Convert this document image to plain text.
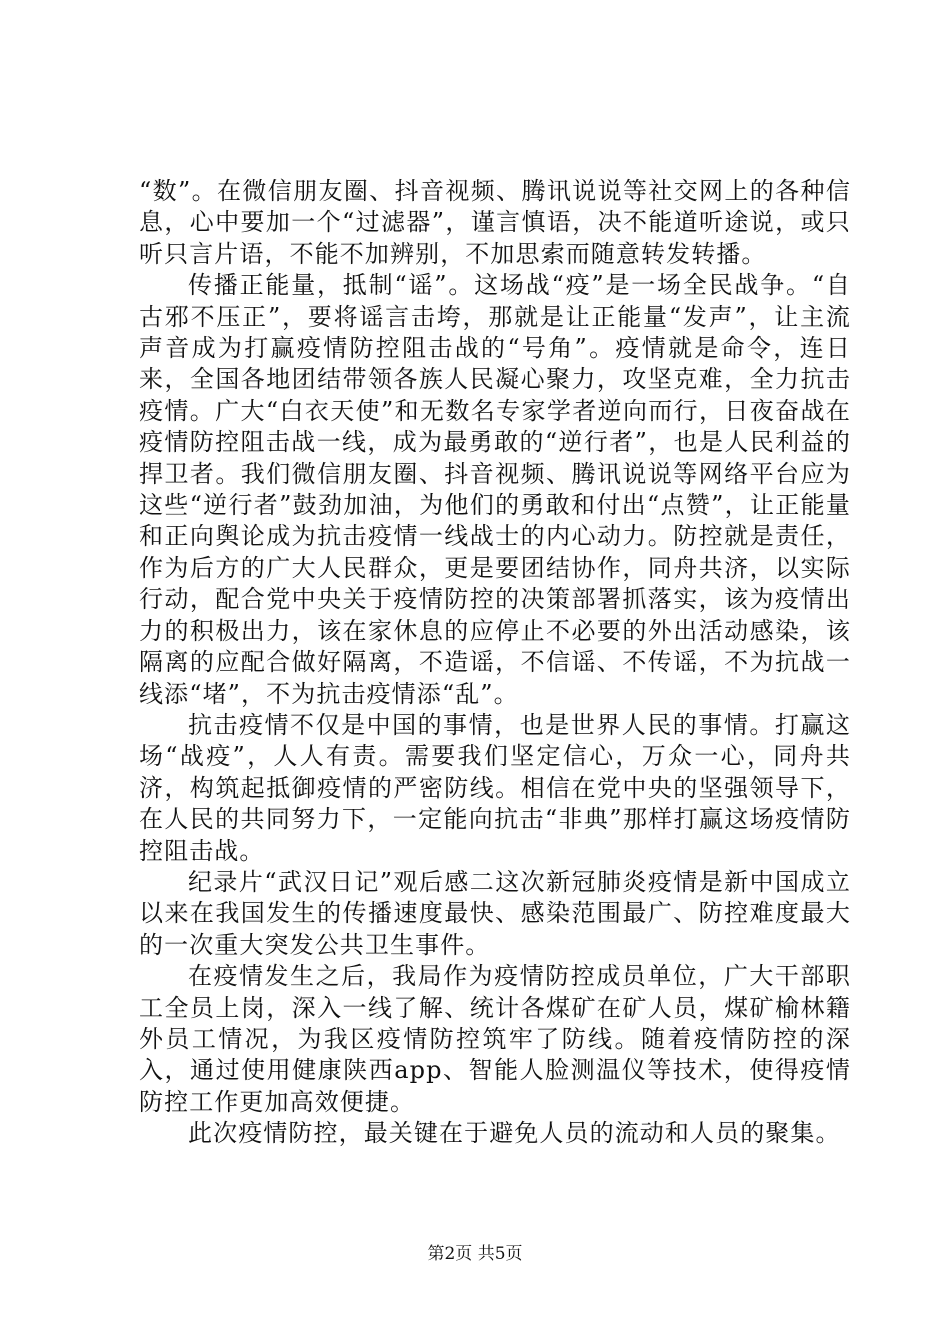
“数”。在微信朋友圈、抖音视频、腾讯说说等社交网上的各种信息，心中要加一个“过滤器”，谨言慎语，决不能道听途说，或只听只言片语，不能不加辨别，不加思索而随意转发转播。

传播正能量，抵制“谣”。这场战“疫”是一场全民战争。“自古邪不压正”，要将谣言击垮，那就是让正能量“发声”，让主流声音成为打赢疫情防控阻击战的“号角”。疫情就是命令，连日来，全国各地团结带领各族人民凝心聚力，攻坚克难，全力抗击疫情。广大“白衣天使”和无数名专家学者逆向而行，日夜奋战在疫情防控阻击战一线，成为最勇敢的“逆行者”，也是人民利益的捍卫者。我们微信朋友圈、抖音视频、腾讯说说等网络平台应为这些“逆行者”鼓劲加油，为他们的勇敢和付出“点赞”，让正能量和正向舆论成为抗击疫情一线战士的内心动力。防控就是责任，作为后方的广大人民群众，更是要团结协作，同舟共济，以实际行动，配合党中央关于疫情防控的决策部署抓落实，该为疫情出力的积极出力，该在家休息的应停止不必要的外出活动感染，该隔离的应配合做好隔离，不造谣，不信谣、不传谣，不为抗战一线添“堵”，不为抗击疫情添“乱”。

抗击疫情不仅是中国的事情，也是世界人民的事情。打赢这场“战疫”，人人有责。需要我们坚定信心，万众一心，同舟共济，构筑起抵御疫情的严密防线。相信在党中央的坚强领导下，在人民的共同努力下，一定能向抗击“非典”那样打赢这场疫情防控阻击战。

纪录片“武汉日记”观后感二这次新冠肺炎疫情是新中国成立以来在我国发生的传播速度最快、感染范围最广、防控难度最大的一次重大突发公共卫生事件。

在疫情发生之后，我局作为疫情防控成员单位，广大干部职工全员上岗，深入一线了解、统计各煤矿在矿人员，煤矿榆林籍外员工情况，为我区疫情防控筑牢了防线。随着疫情防控的深入，通过使用健康陕西app、智能人脸测温仪等技术，使得疫情防控工作更加高效便捷。

此次疫情防控，最关键在于避免人员的流动和人员的聚集。

第2页 共5页
